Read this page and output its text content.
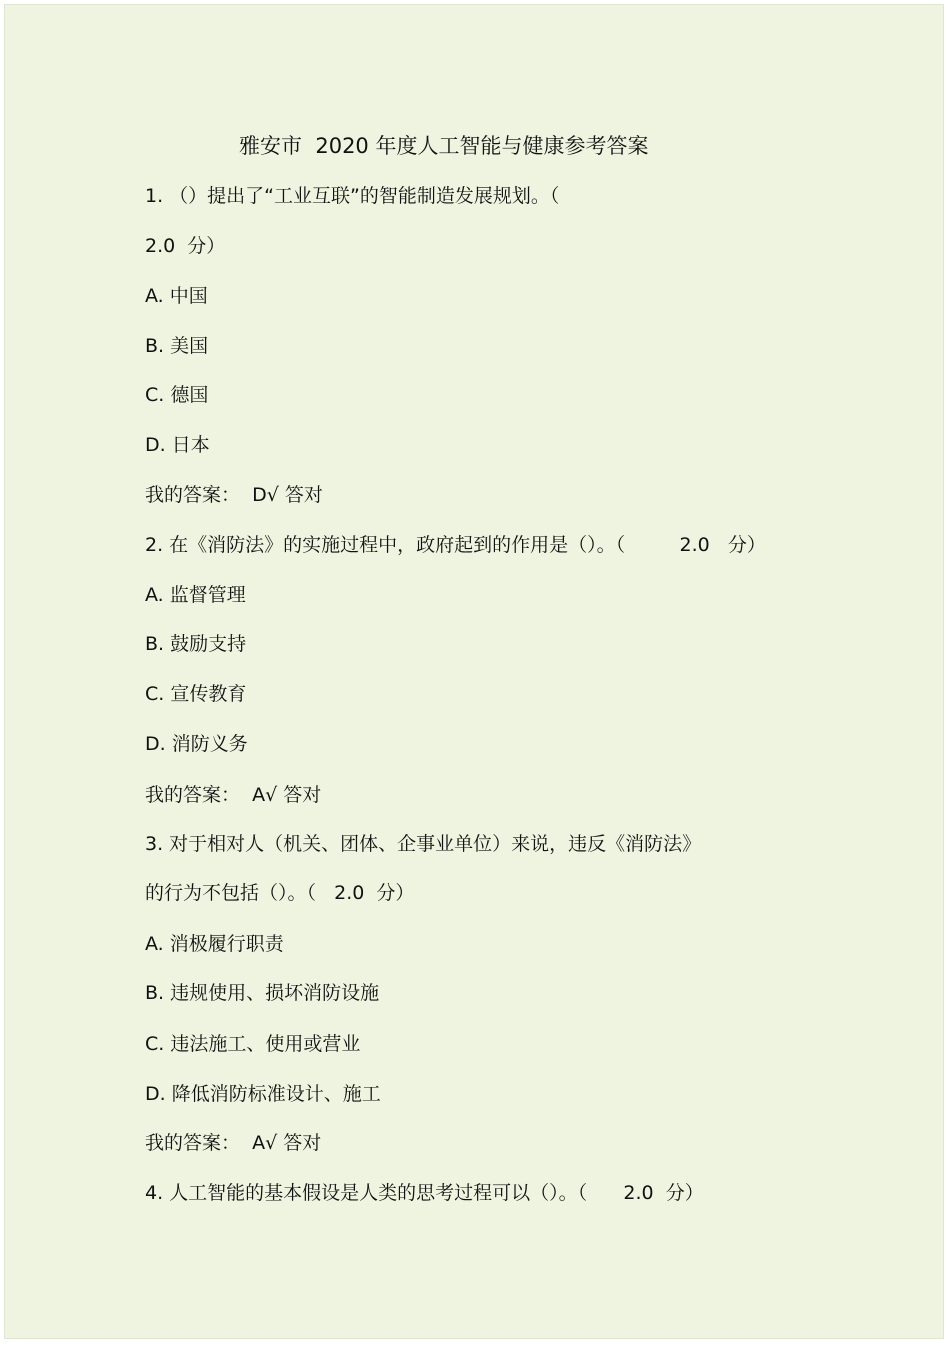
雅安市  2020 年度人工智能与健康参考答案
1. （）提出了“工业互联”的智能制造发展规划。（
2.0  分）
A. 中国
B. 美国
C. 德国
D. 日本
我的答案：  D√ 答对
2. 在《消防法》的实施过程中，政府起到的作用是（）。（         2.0   分）
A. 监督管理
B. 鼓励支持
C. 宣传教育
D. 消防义务
我的答案：  A√ 答对
3. 对于相对人（机关、团体、企事业单位）来说，违反《消防法》
的行为不包括（）。（   2.0  分）
A. 消极履行职责
B. 违规使用、损坏消防设施
C. 违法施工、使用或营业
D. 降低消防标准设计、施工
我的答案：  A√ 答对
4. 人工智能的基本假设是人类的思考过程可以（）。（      2.0  分）
